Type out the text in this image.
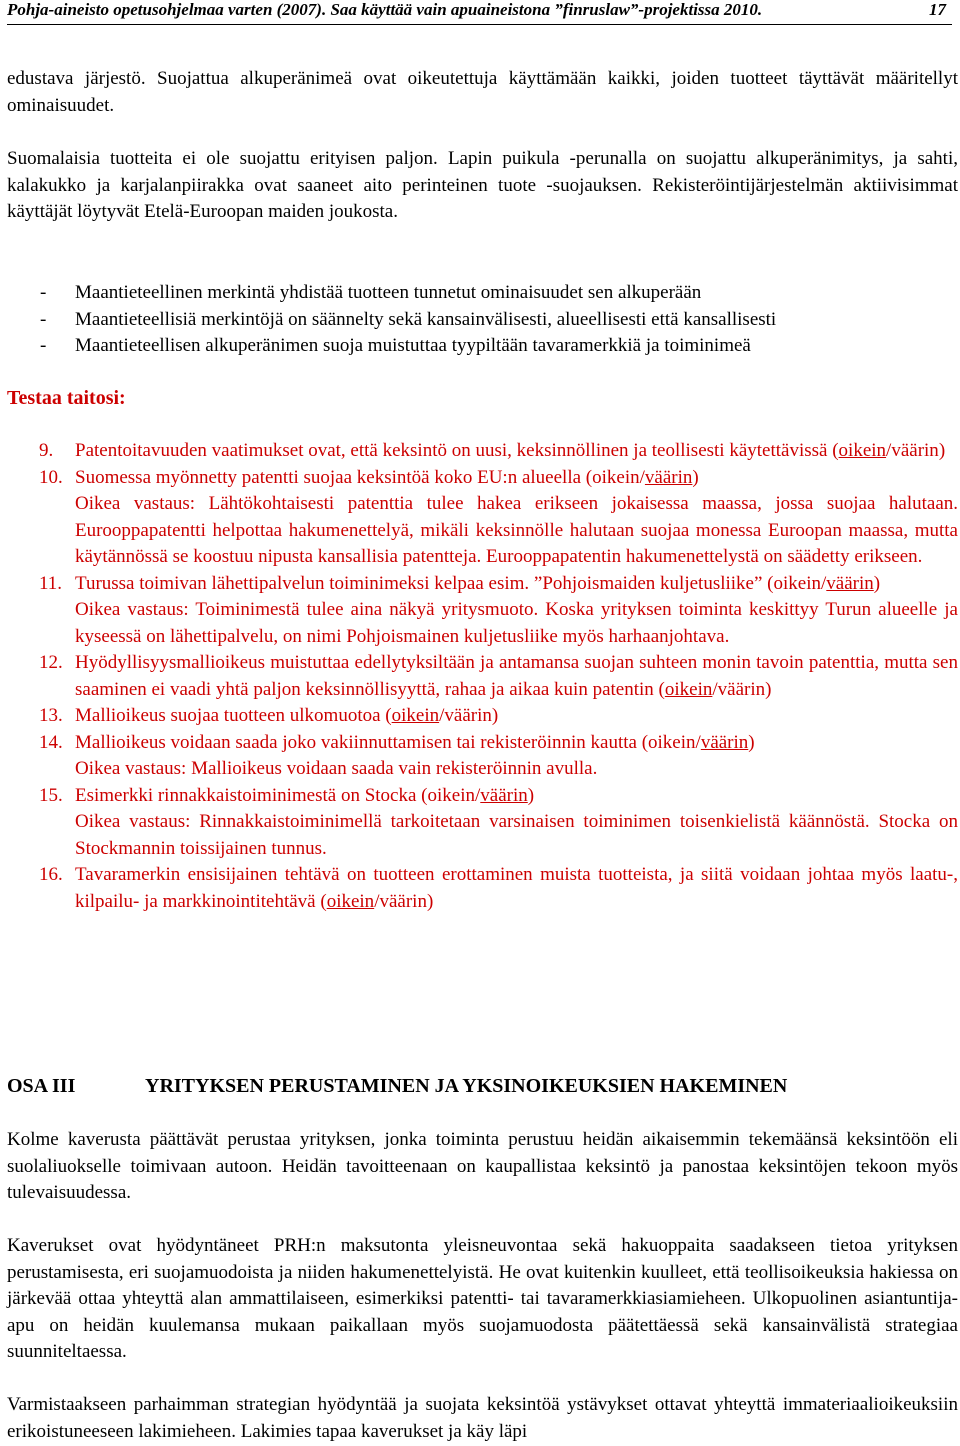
Pohja-aineisto opetusohjelmaa varten (2007). Saa käyttää vain apuaineistona ”finruslaw”-projektissa 2010.	17

edustava järjestö. Suojattua alkuperänimeä ovat oikeutettuja käyttämään kaikki, joiden tuotteet täyttävät määritellyt ominaisuudet.

Suomalaisia tuotteita ei ole suojattu erityisen paljon. Lapin puikula -perunalla on suojattu alkuperänimitys, ja sahti, kalakukko ja karjalanpiirakka ovat saaneet aito perinteinen tuote -suojauksen. Rekisteröintijärjestelmän aktiivisimmat käyttäjät löytyvät Etelä-Euroopan maiden joukosta.

- Maantieteellinen merkintä yhdistää tuotteen tunnetut ominaisuudet sen alkuperään
- Maantieteellisiä merkintöjä on säännelty sekä kansainvälisesti, alueellisesti että kansallisesti
- Maantieteellisen alkuperänimen suoja muistuttaa tyypiltään tavaramerkkiä ja toiminimeä
Testaa taitosi:
9. Patentoitavuuden vaatimukset ovat, että keksintö on uusi, keksinnöllinen ja teollisesti käytettävissä (oikein/väärin)

10. Suomessa myönnetty patentti suojaa keksintöä koko EU:n alueella (oikein/väärin)

Oikea vastaus: Lähtökohtaisesti patenttia tulee hakea erikseen jokaisessa maassa, jossa suojaa halutaan. Eurooppapatentti helpottaa hakumenettelyä, mikäli keksinnölle halutaan suojaa monessa Euroopan maassa, mutta käytännössä se koostuu nipusta kansallisia patentteja. Eurooppapatentin hakumenettelystä on säädetty erikseen.

11. Turussa toimivan lähettipalvelun toiminimeksi kelpaa esim. ”Pohjoismaiden kuljetusliike” (oikein/väärin)

Oikea vastaus: Toiminimestä tulee aina näkyä yritysmuoto. Koska yrityksen toiminta keskittyy Turun alueelle ja kyseessä on lähettipalvelu, on nimi Pohjoismainen kuljetusliike myös harhaanjohtava.

12. Hyödyllisyysmallioikeus muistuttaa edellytyksiltään ja antamansa suojan suhteen monin tavoin patenttia, mutta sen saaminen ei vaadi yhtä paljon keksinnöllisyyttä, rahaa ja aikaa kuin patentin (oikein/väärin)

13. Mallioikeus suojaa tuotteen ulkomuotoa (oikein/väärin)

14. Mallioikeus voidaan saada joko vakiinnuttamisen tai rekisteröinnin kautta (oikein/väärin)

Oikea vastaus: Mallioikeus voidaan saada vain rekisteröinnin avulla.

15. Esimerkki rinnakkaistoiminimestä on Stocka (oikein/väärin)

Oikea vastaus: Rinnakkaistoiminimellä tarkoitetaan varsinaisen toiminimen toisenkielistä käännöstä. Stocka on Stockmannin toissijainen tunnus.

16. Tavaramerkin ensisijainen tehtävä on tuotteen erottaminen muista tuotteista, ja siitä voidaan johtaa myös laatu-, kilpailu- ja markkinointitehtävä (oikein/väärin)

OSA III	YRITYKSEN PERUSTAMINEN JA YKSINOIKEUKSIEN HAKEMINEN

Kolme kaverusta päättävät perustaa yrityksen, jonka toiminta perustuu heidän aikaisemmin tekemäänsä keksintöön eli suolaliuokselle toimivaan autoon. Heidän tavoitteenaan on kaupallistaa keksintö ja panostaa keksintöjen tekoon myös tulevaisuudessa.

Kaverukset ovat hyödyntäneet PRH:n maksutonta yleisneuvontaa sekä hakuoppaita saadakseen tietoa yrityksen perustamisesta, eri suojamuodoista ja niiden hakumenettelyistä. He ovat kuitenkin kuulleet, että teollisoikeuksia hakiessa on järkevää ottaa yhteyttä alan ammattilaiseen, esimerkiksi patentti- tai tavaramerkkiasiamieheen. Ulkopuolinen asiantuntija-apu on heidän kuulemansa mukaan paikallaan myös suojamuodosta päätettäessä sekä kansainvälistä strategiaa suunniteltaessa.

Varmistaakseen parhaimman strategian hyödyntää ja suojata keksintöä ystävykset ottavat yhteyttä immateriaalioikeuksiin erikoistuneeseen lakimieheen. Lakimies tapaa kaverukset ja käy läpi
